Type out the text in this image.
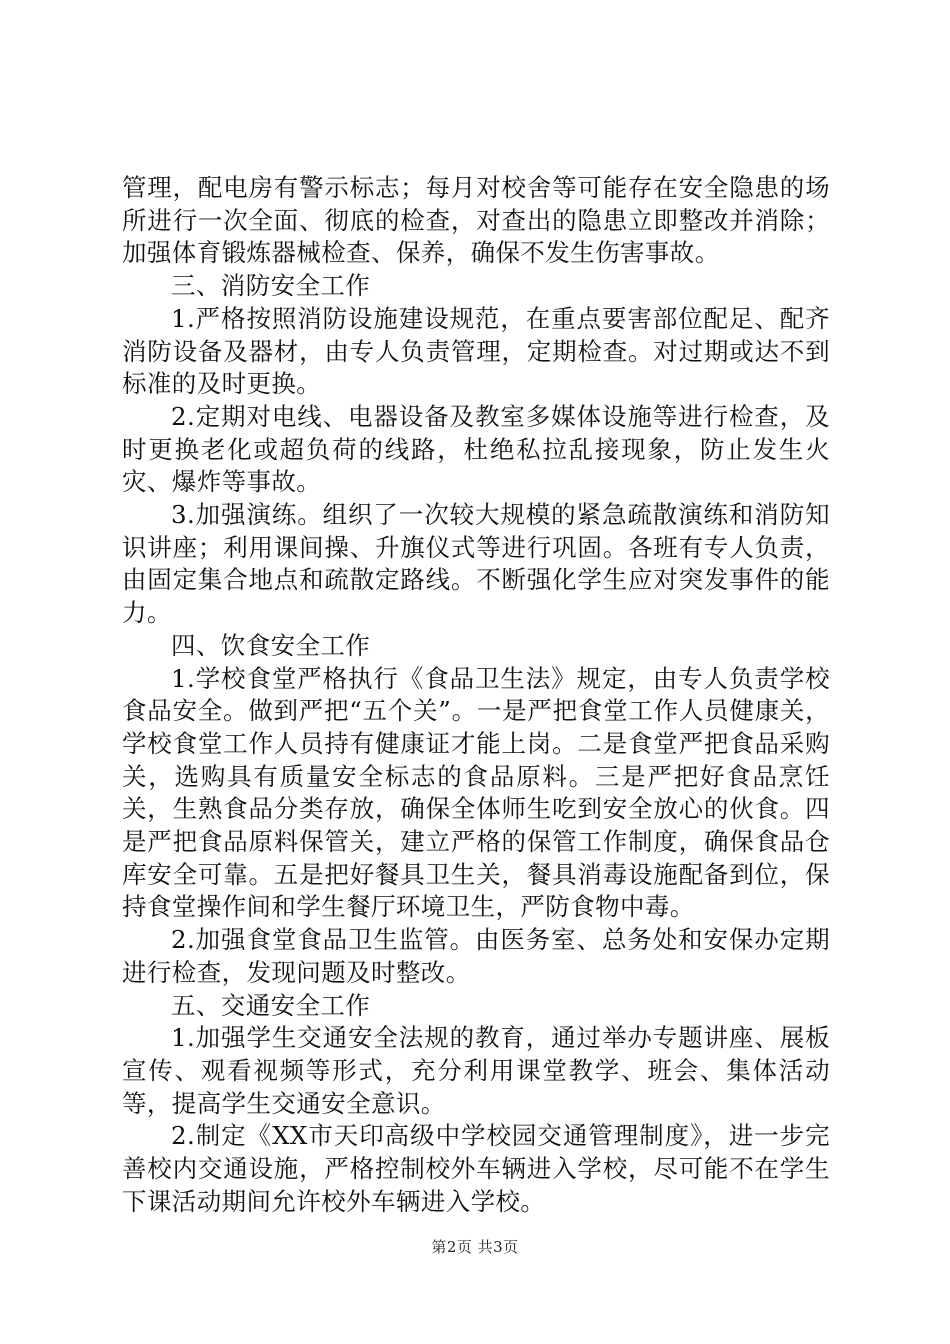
管理，配电房有警示标志；每月对校舍等可能存在安全隐患的场所进行一次全面、彻底的检查，对查出的隐患立即整改并消除；加强体育锻炼器械检查、保养，确保不发生伤害事故。

三、消防安全工作

1.严格按照消防设施建设规范，在重点要害部位配足、配齐消防设备及器材，由专人负责管理，定期检查。对过期或达不到标准的及时更换。

2.定期对电线、电器设备及教室多媒体设施等进行检查，及时更换老化或超负荷的线路，杜绝私拉乱接现象，防止发生火灾、爆炸等事故。

3.加强演练。组织了一次较大规模的紧急疏散演练和消防知识讲座；利用课间操、升旗仪式等进行巩固。各班有专人负责，由固定集合地点和疏散定路线。不断强化学生应对突发事件的能力。

四、饮食安全工作

1.学校食堂严格执行《食品卫生法》规定，由专人负责学校食品安全。做到严把“五个关”。一是严把食堂工作人员健康关，学校食堂工作人员持有健康证才能上岗。二是食堂严把食品采购关，选购具有质量安全标志的食品原料。三是严把好食品烹饪关，生熟食品分类存放，确保全体师生吃到安全放心的伙食。四是严把食品原料保管关，建立严格的保管工作制度，确保食品仓库安全可靠。五是把好餐具卫生关，餐具消毒设施配备到位，保持食堂操作间和学生餐厅环境卫生，严防食物中毒。

2.加强食堂食品卫生监管。由医务室、总务处和安保办定期进行检查，发现问题及时整改。

五、交通安全工作

1.加强学生交通安全法规的教育，通过举办专题讲座、展板宣传、观看视频等形式，充分利用课堂教学、班会、集体活动等，提高学生交通安全意识。

2.制定《XX市天印高级中学校园交通管理制度》，进一步完善校内交通设施，严格控制校外车辆进入学校，尽可能不在学生下课活动期间允许校外车辆进入学校。

第2页 共3页
